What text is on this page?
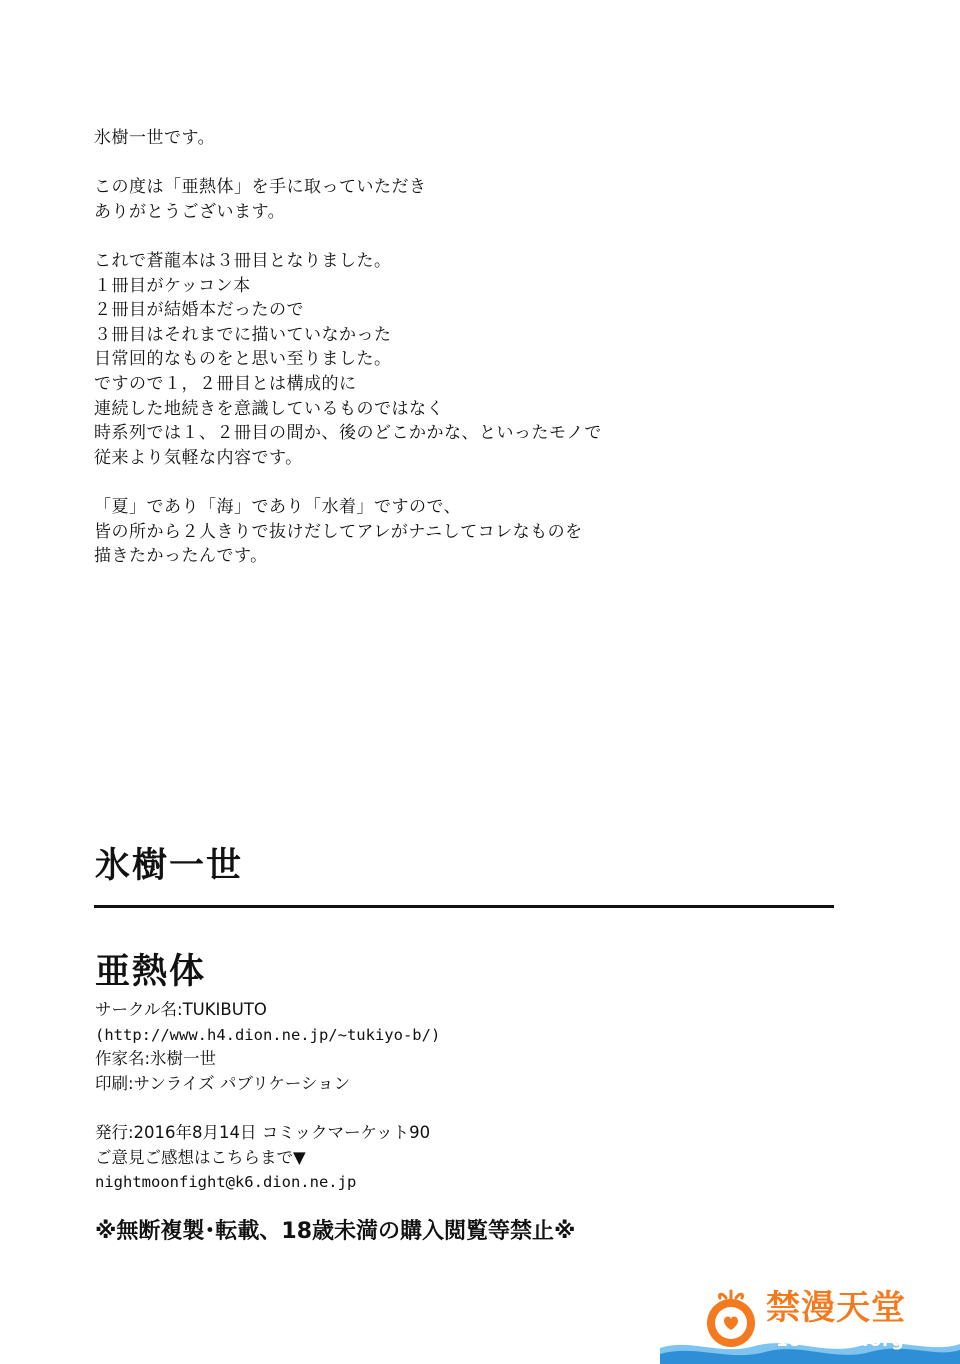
氷樹一世です。
この度は「亜熱体」を手に取っていただき
ありがとうございます。
これで蒼龍本は３冊目となりました。
１冊目がケッコン本
２冊目が結婚本だったので
３冊目はそれまでに描いていなかった
日常回的なものをと思い至りました。
ですので１，２冊目とは構成的に
連続した地続きを意識しているものではなく
時系列では１、２冊目の間か、後のどこかかな、といったモノで
従来より気軽な内容です。
「夏」であり「海」であり「水着」ですので、
皆の所から２人きりで抜けだしてアレがナニしてコレなものを
描きたかったんです。
氷樹一世
亜熱体
サークル名:TUKIBUTO
(http://www.h4.dion.ne.jp/~tukiyo-b/)
作家名:氷樹一世
印刷:サンライズ パブリケーション
発行:2016年8月14日 コミックマーケット90
ご意見ご感想はこちらまで▼
nightmoonfight@k6.dion.ne.jp
※無断複製･転載、18歳未満の購入閲覧等禁止※
禁漫天堂
18comic.org
